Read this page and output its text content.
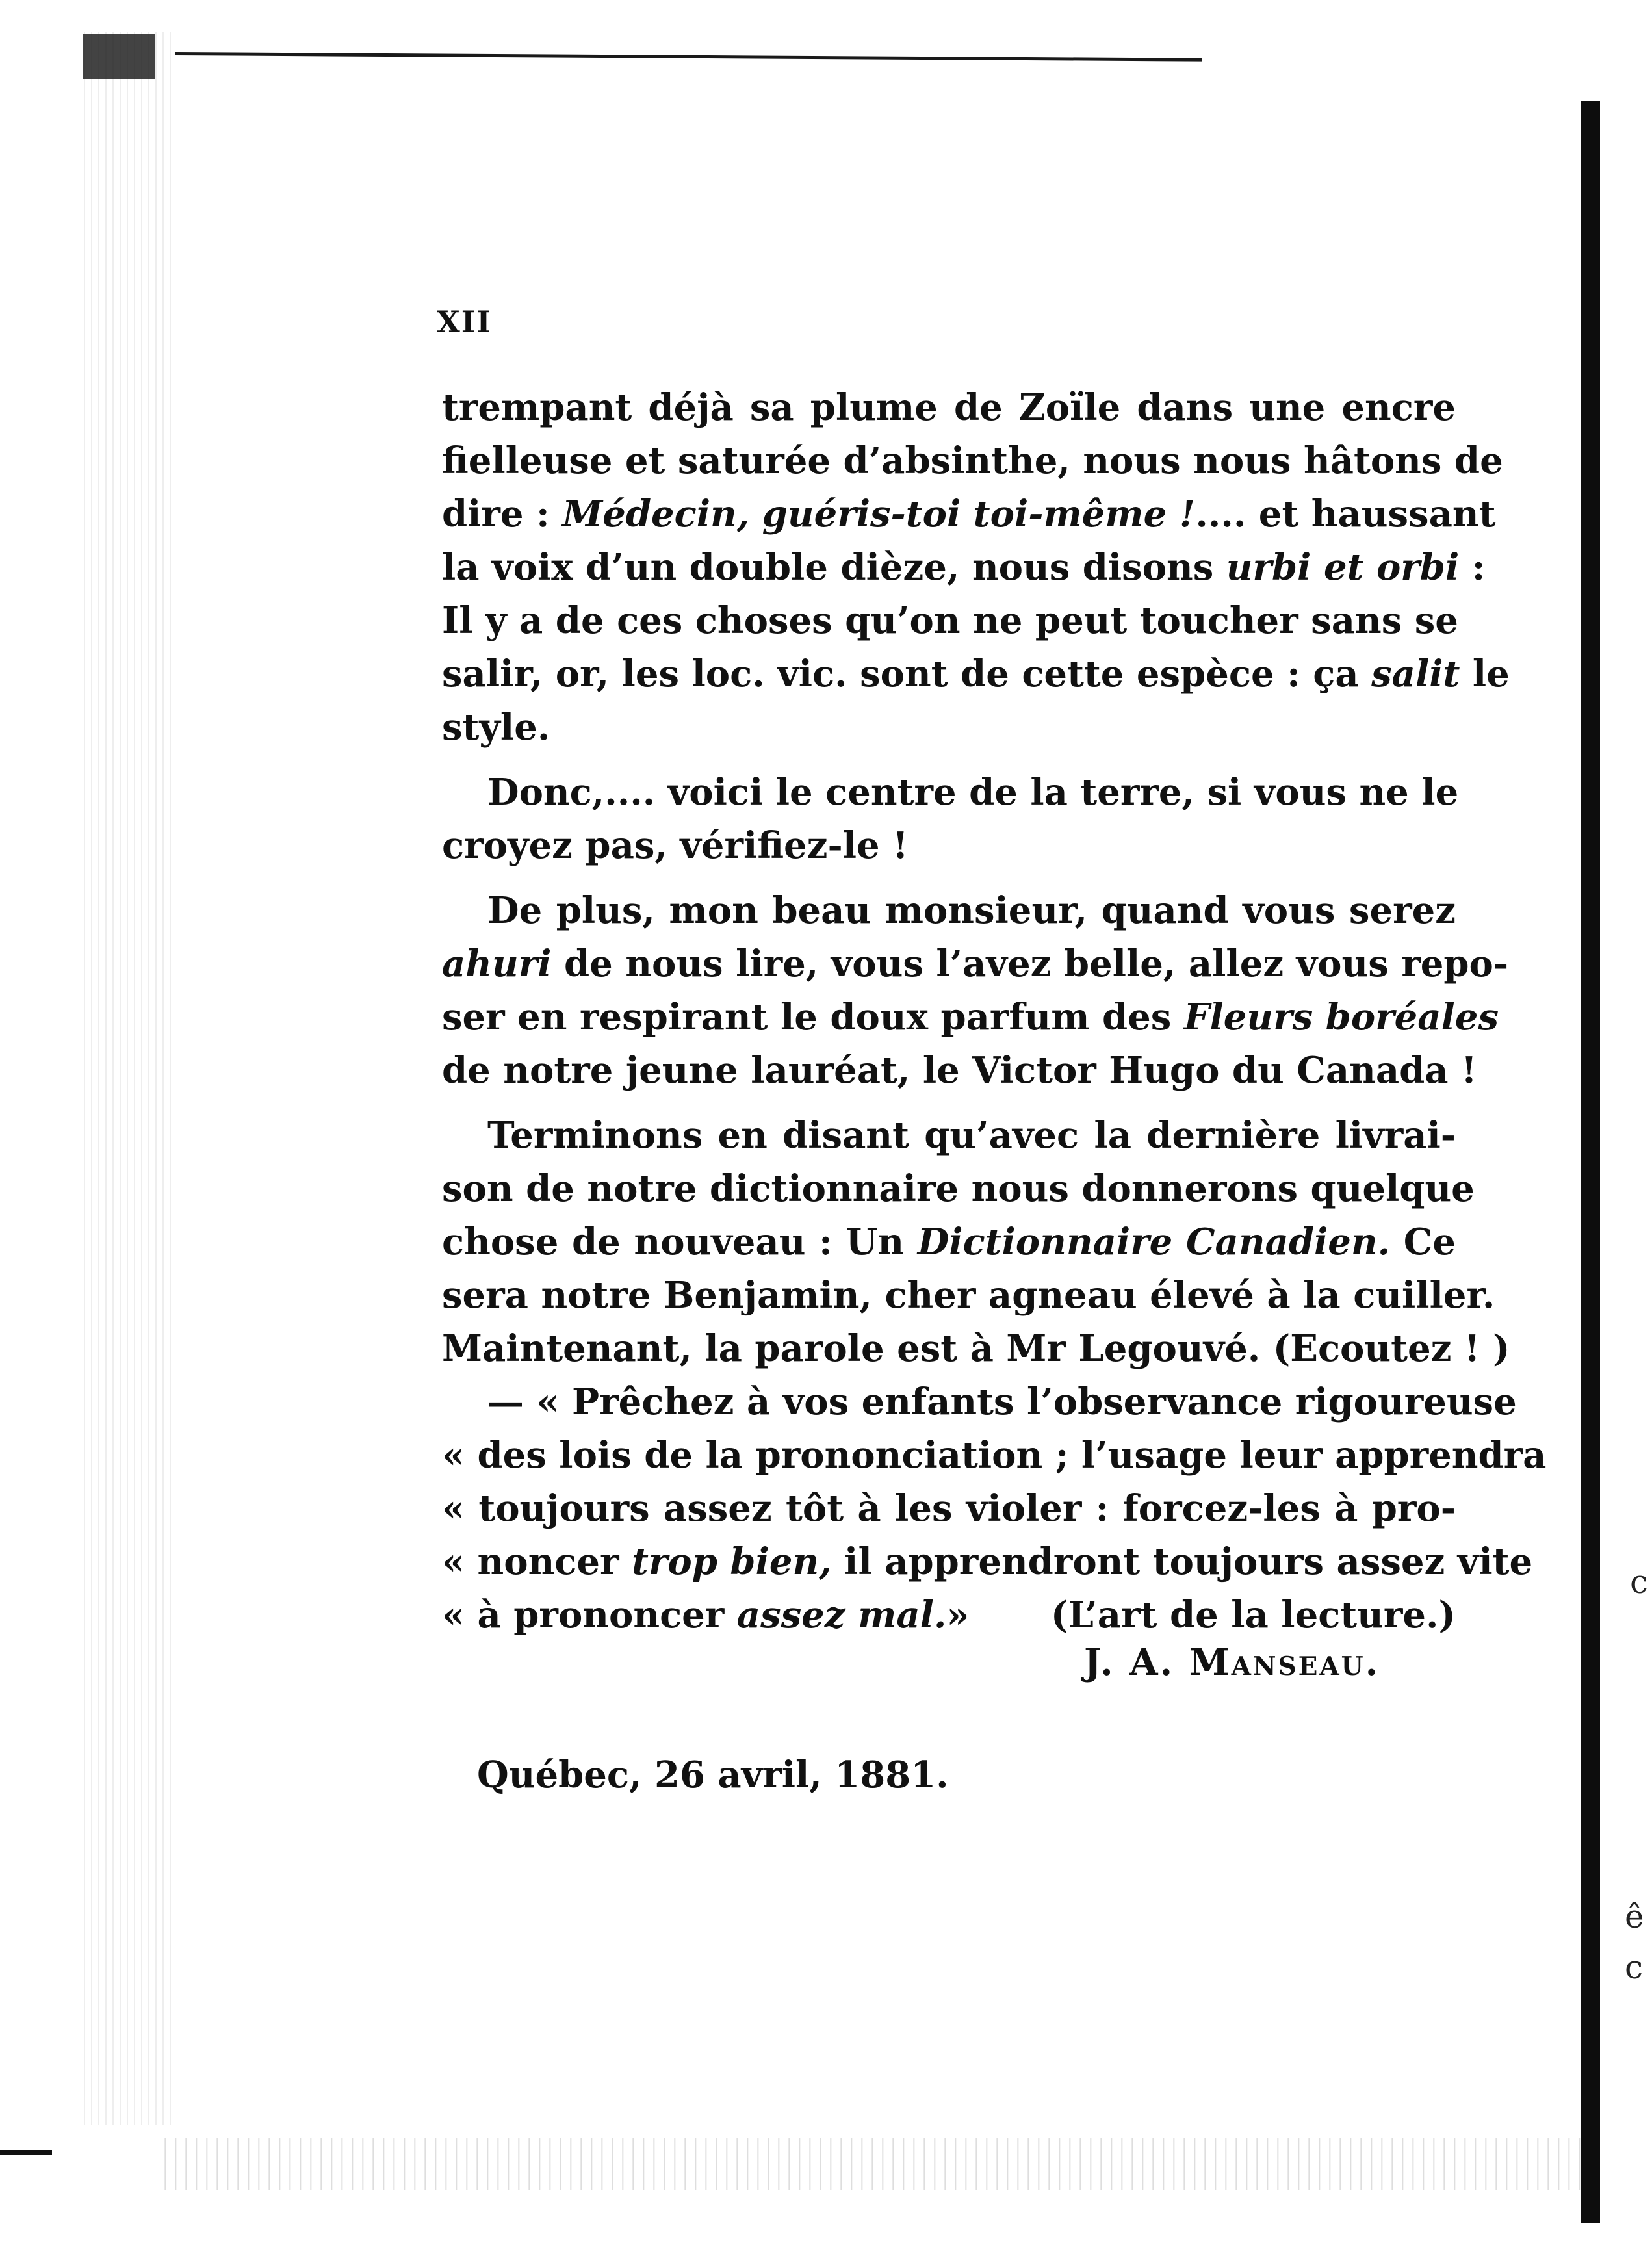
c
ê
c
XII
trempant déjà sa plume de Zoïle dans une encre
fielleuse et saturée d’absinthe, nous nous hâtons de
dire : Médecin, guéris-toi toi-même !.... et haussant
la voix d’un double dièze, nous disons urbi et orbi :
Il y a de ces choses qu’on ne peut toucher sans se
salir, or, les loc. vic. sont de cette espèce : ça salit le
style.
Donc,.... voici le centre de la terre, si vous ne le
croyez pas, vérifiez-le !
De plus, mon beau monsieur, quand vous serez
ahuri de nous lire, vous l’avez belle, allez vous repo-
ser en respirant le doux parfum des Fleurs boréales
de notre jeune lauréat, le Victor Hugo du Canada !
Terminons en disant qu’avec la dernière livrai-
son de notre dictionnaire nous donnerons quelque
chose de nouveau : Un Dictionnaire Canadien. Ce
sera notre Benjamin, cher agneau élevé à la cuiller.
Maintenant, la parole est à Mr Legouvé. (Ecoutez ! )
— « Prêchez à vos enfants l’observance rigoureuse
« des lois de la prononciation ; l’usage leur apprendra
« toujours assez tôt à les violer : forcez-les à pro-
« noncer trop bien, il apprendront toujours assez vite
« à prononcer assez mal.» (L’art de la lecture.)
J. A. Manseau.
Québec, 26 avril, 1881.
